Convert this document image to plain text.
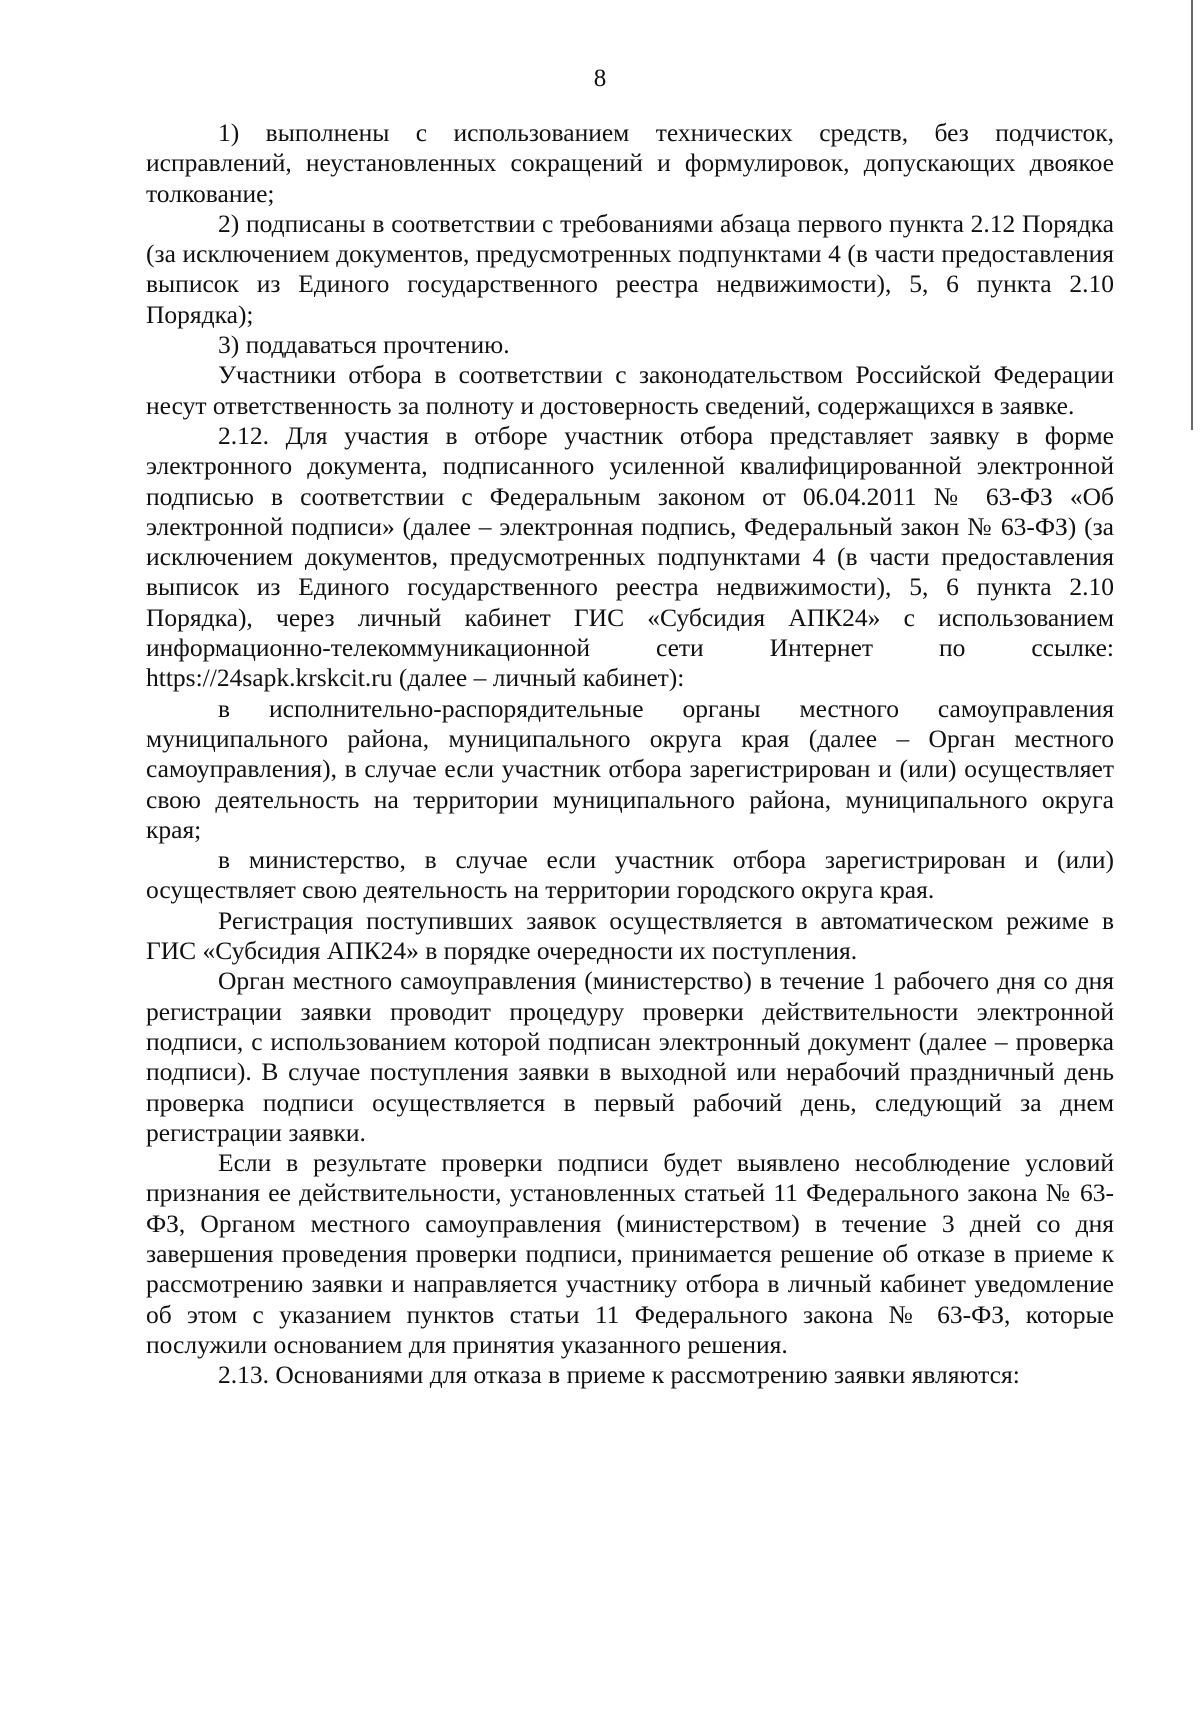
8

1) выполнены с использованием технических средств, без подчисток, исправлений, неустановленных сокращений и формулировок, допускающих двоякое толкование;

2) подписаны в соответствии с требованиями абзаца первого пункта 2.12 Порядка (за исключением документов, предусмотренных подпунктами 4 (в части предоставления выписок из Единого государственного реестра недвижимости), 5, 6 пункта 2.10 Порядка);

3) поддаваться прочтению.

Участники отбора в соответствии с законодательством Российской Федерации несут ответственность за полноту и достоверность сведений, содержащихся в заявке.

2.12. Для участия в отборе участник отбора представляет заявку в форме электронного документа, подписанного усиленной квалифицированной электронной подписью в соответствии с Федеральным законом от 06.04.2011 № 63-ФЗ «Об электронной подписи» (далее – электронная подпись, Федеральный закон № 63-ФЗ) (за исключением документов, предусмотренных подпунктами 4 (в части предоставления выписок из Единого государственного реестра недвижимости), 5, 6 пункта 2.10 Порядка), через личный кабинет ГИС «Субсидия АПК24» с использованием информационно-телекоммуникационной сети Интернет по ссылке: https://24sapk.krskcit.ru (далее – личный кабинет):

в исполнительно-распорядительные органы местного самоуправления муниципального района, муниципального округа края (далее – Орган местного самоуправления), в случае если участник отбора зарегистрирован и (или) осуществляет свою деятельность на территории муниципального района, муниципального округа края;

в министерство, в случае если участник отбора зарегистрирован и (или) осуществляет свою деятельность на территории городского округа края.

Регистрация поступивших заявок осуществляется в автоматическом режиме в ГИС «Субсидия АПК24» в порядке очередности их поступления.

Орган местного самоуправления (министерство) в течение 1 рабочего дня со дня регистрации заявки проводит процедуру проверки действительности электронной подписи, с использованием которой подписан электронный документ (далее – проверка подписи). В случае поступления заявки в выходной или нерабочий праздничный день проверка подписи осуществляется в первый рабочий день, следующий за днем регистрации заявки.

Если в результате проверки подписи будет выявлено несоблюдение условий признания ее действительности, установленных статьей 11 Федерального закона № 63-ФЗ, Органом местного самоуправления (министерством) в течение 3 дней со дня завершения проведения проверки подписи, принимается решение об отказе в приеме к рассмотрению заявки и направляется участнику отбора в личный кабинет уведомление об этом с указанием пунктов статьи 11 Федерального закона № 63-ФЗ, которые послужили основанием для принятия указанного решения.

2.13. Основаниями для отказа в приеме к рассмотрению заявки являются:
